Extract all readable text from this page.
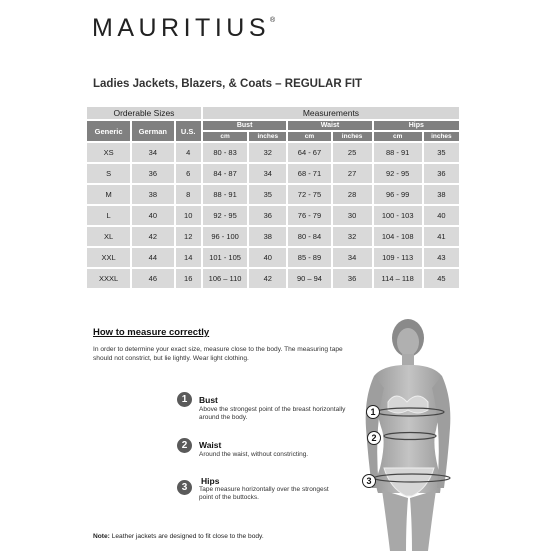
MAURITIUS®
Ladies Jackets, Blazers, & Coats – REGULAR FIT
Orderable Sizes			Measurements					
Generic	German	U.S.	Bust		Waist		Hips	
			cm	inches	cm	inches	cm	inches
XS	34	4	80 - 83	32	64 - 67	25	88 - 91	35
S	36	6	84 - 87	34	68 - 71	27	92 - 95	36
M	38	8	88 - 91	35	72 - 75	28	96 - 99	38
L	40	10	92 - 95	36	76 - 79	30	100 - 103	40
XL	42	12	96 - 100	38	80 - 84	32	104 - 108	41
XXL	44	14	101 - 105	40	85 - 89	34	109 - 113	43
XXXL	46	16	106 – 110	42	90 – 94	36	114 – 118	45
How to measure correctly
In order to determine your exact size, measure close to the body. The measuring tape should not constrict, but lie lightly. Wear light clothing.
1	Bust
Above the strongest point of the breast horizontally around the body.
2	Waist
Around the waist, without constricting.
3
Hips
Tape measure horizontally over the strongest point of the buttocks.
Note: Leather jackets are designed to fit close to the body.
1
2
3
